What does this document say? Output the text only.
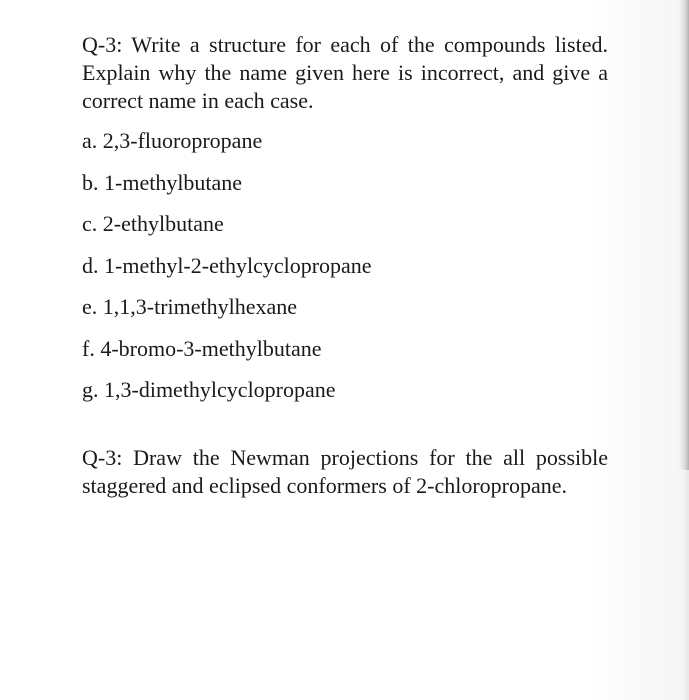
Q-3: Write a structure for each of the compounds listed. Explain why the name given here is incorrect, and give a correct name in each case.

a. 2,3-fluoropropane
b. 1-methylbutane
c. 2-ethylbutane
d. 1-methyl-2-ethylcyclopropane
e. 1,1,3-trimethylhexane
f. 4-bromo-3-methylbutane
g. 1,3-dimethylcyclopropane

Q-3: Draw the Newman projections for the all possible staggered and eclipsed conformers of 2-chloropropane.
